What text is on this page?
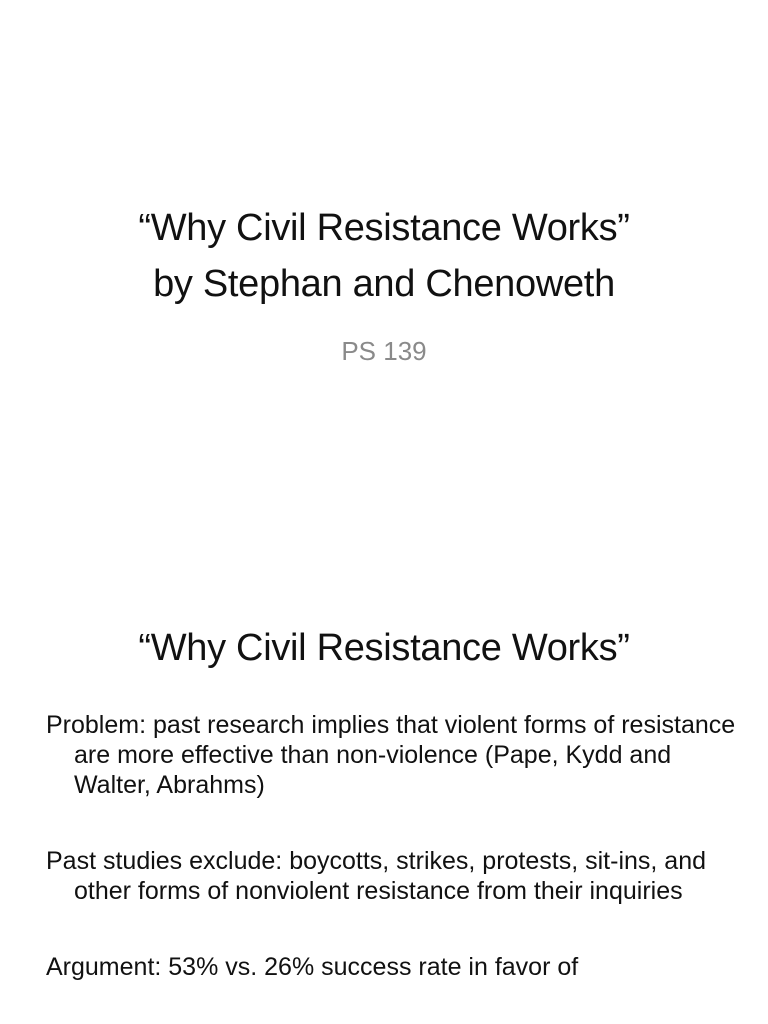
“Why Civil Resistance Works”
by Stephan and Chenoweth
PS 139
“Why Civil Resistance Works”
Problem: past research implies that violent forms of resistance are more effective than non-violence (Pape, Kydd and Walter, Abrahms)
Past studies exclude: boycotts, strikes, protests, sit-ins, and other forms of nonviolent resistance from their inquiries
Argument: 53% vs. 26% success rate in favor of
